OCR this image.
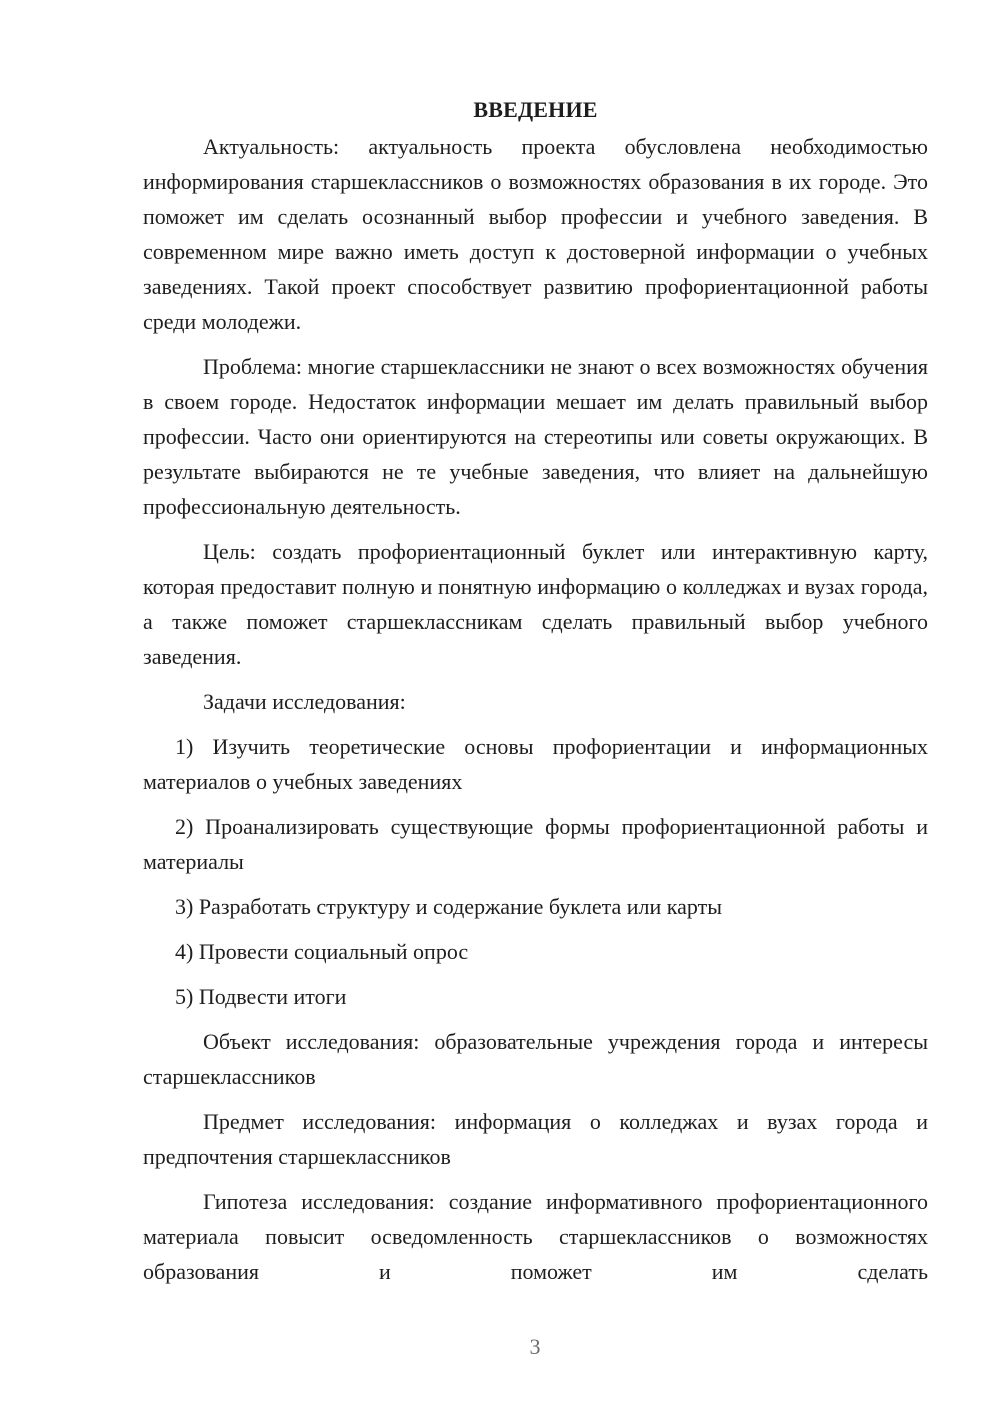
ВВЕДЕНИЕ

Актуальность: актуальность проекта обусловлена необходимостью информирования старшеклассников о возможностях образования в их городе. Это поможет им сделать осознанный выбор профессии и учебного заведения. В современном мире важно иметь доступ к достоверной информации о учебных заведениях. Такой проект способствует развитию профориентационной работы среди молодежи.

Проблема: многие старшеклассники не знают о всех возможностях обучения в своем городе. Недостаток информации мешает им делать правильный выбор профессии. Часто они ориентируются на стереотипы или советы окружающих. В результате выбираются не те учебные заведения, что влияет на дальнейшую профессиональную деятельность.

Цель: создать профориентационный буклет или интерактивную карту, которая предоставит полную и понятную информацию о колледжах и вузах города, а также поможет старшеклассникам сделать правильный выбор учебного заведения.

Задачи исследования:

1) Изучить теоретические основы профориентации и информационных материалов о учебных заведениях

2) Проанализировать существующие формы профориентационной работы и материалы

3) Разработать структуру и содержание буклета или карты

4) Провести социальный опрос

5) Подвести итоги

Объект исследования: образовательные учреждения города и интересы старшеклассников

Предмет исследования: информация о колледжах и вузах города и предпочтения старшеклассников

Гипотеза исследования: создание информативного профориентационного материала повысит осведомленность старшеклассников о возможностях образования и поможет им сделать

3
